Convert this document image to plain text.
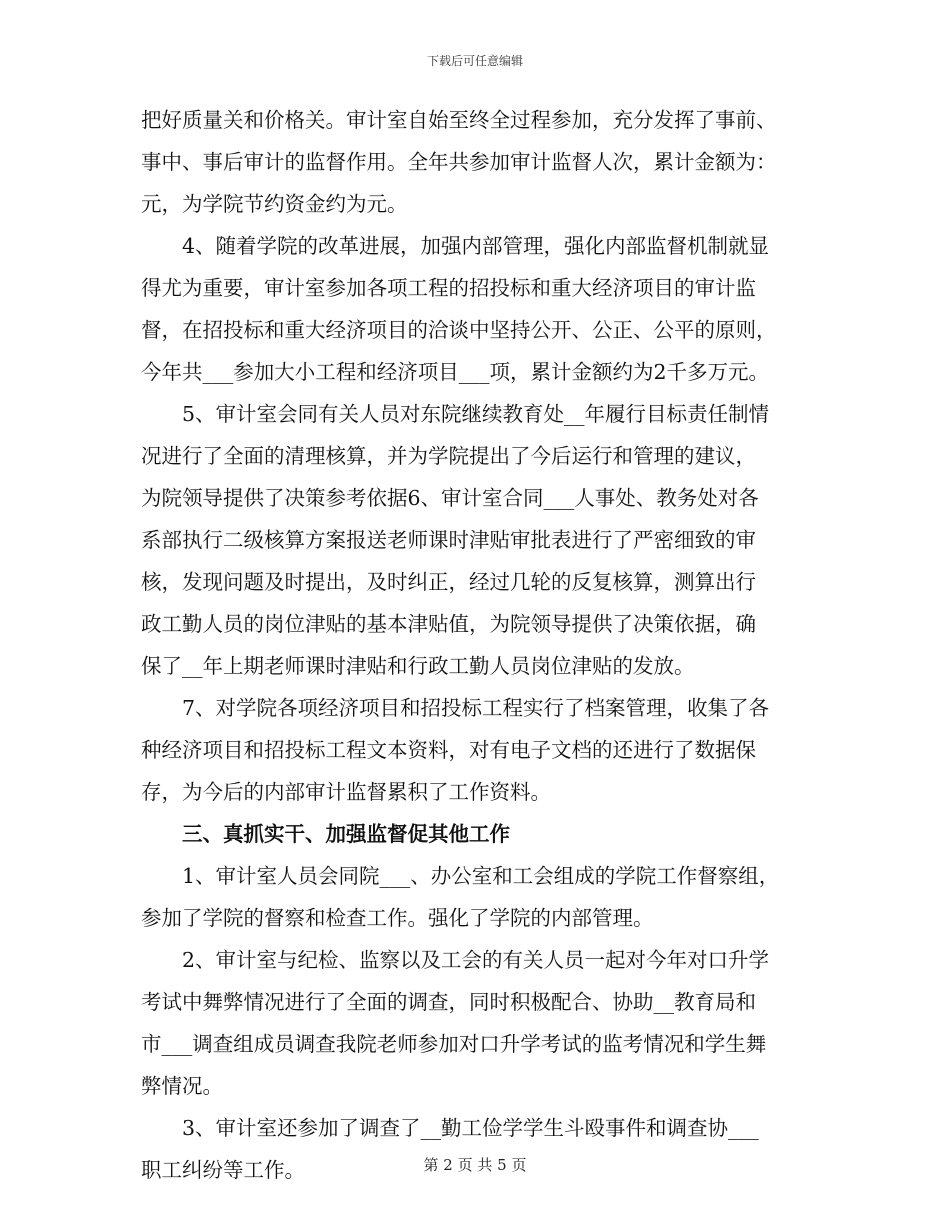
下载后可任意编辑
把好质量关和价格关。审计室自始至终全过程参加，充分发挥了事前、
事中、事后审计的监督作用。全年共参加审计监督人次，累计金额为：
元，为学院节约资金约为元。
　　4、随着学院的改革进展，加强内部管理，强化内部监督机制就显
得尤为重要，审计室参加各项工程的招投标和重大经济项目的审计监
督，在招投标和重大经济项目的洽谈中坚持公开、公正、公平的原则，
今年共___参加大小工程和经济项目___项，累计金额约为2千多万元。
　　5、审计室会同有关人员对东院继续教育处__年履行目标责任制情
况进行了全面的清理核算，并为学院提出了今后运行和管理的建议，
为院领导提供了决策参考依据6、审计室合同___人事处、教务处对各
系部执行二级核算方案报送老师课时津贴审批表进行了严密细致的审
核，发现问题及时提出，及时纠正，经过几轮的反复核算，测算出行
政工勤人员的岗位津贴的基本津贴值，为院领导提供了决策依据，确
保了__年上期老师课时津贴和行政工勤人员岗位津贴的发放。
　　7、对学院各项经济项目和招投标工程实行了档案管理，收集了各
种经济项目和招投标工程文本资料，对有电子文档的还进行了数据保
存，为今后的内部审计监督累积了工作资料。
　　三、真抓实干、加强监督促其他工作
　　1、审计室人员会同院___、办公室和工会组成的学院工作督察组，
参加了学院的督察和检查工作。强化了学院的内部管理。
　　2、审计室与纪检、监察以及工会的有关人员一起对今年对口升学
考试中舞弊情况进行了全面的调查，同时积极配合、协助__教育局和
市___调查组成员调查我院老师参加对口升学考试的监考情况和学生舞
弊情况。
　　3、审计室还参加了调查了__勤工俭学学生斗殴事件和调查协___
职工纠纷等工作。	第 2 页 共 5 页
